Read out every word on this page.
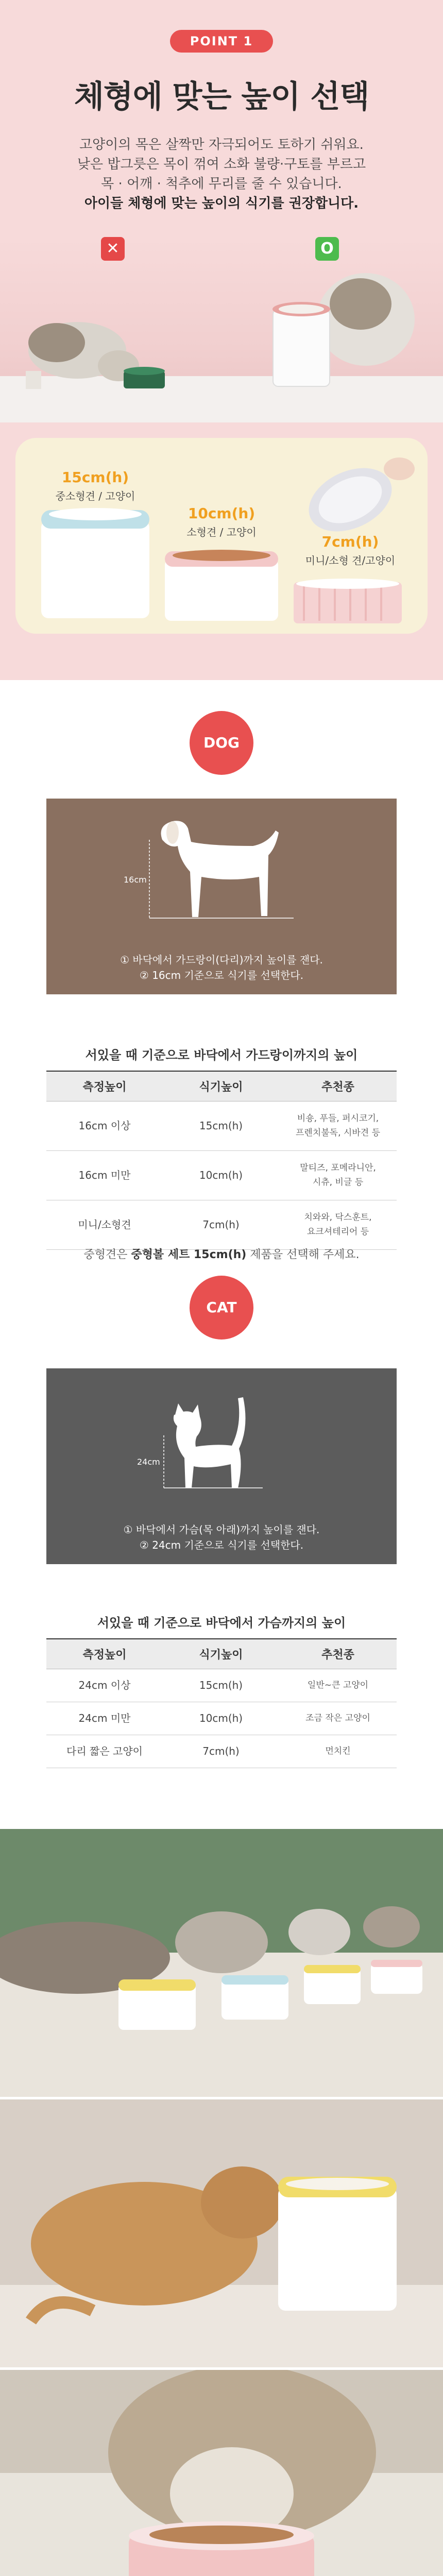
POINT 1
체형에 맞는 높이 선택

고양이의 목은 살짝만 자극되어도 토하기 쉬워요.
낮은 밥그릇은 목이 꺾여 소화 불량·구토를 부르고
목 · 어깨 · 척추에 무리를 줄 수 있습니다.
아이들 체형에 맞는 높이의 식기를 권장합니다.

✕	O
15cm(h)
중소형견 / 고양이
10cm(h)
소형견 / 고양이
7cm(h)
미니/소형 견/고양이
DOG
16cm
① 바닥에서 가드랑이(다리)까지 높이를 잰다.
② 16cm 기준으로 식기를 선택한다.
서있을 때 기준으로 바닥에서 가드랑이까지의 높이
측정높이	식기높이	추천종
16cm 이상	15cm(h)	비숑, 푸들, 퍼시코기,
프렌치불독, 시바견 등

16cm 미만	10cm(h)	말티즈, 포메라니안,
시츄, 비글 등

미니/소형견	7cm(h)	치와와, 닥스훈트,
요크셔테리어 등

중형견은 중형볼 세트 15cm(h) 제품을 선택해 주세요.

CAT
24cm
① 바닥에서 가슴(목 아래)까지 높이를 잰다.
② 24cm 기준으로 식기를 선택한다.
서있을 때 기준으로 바닥에서 가슴까지의 높이
측정높이	식기높이	추천종
24cm 이상	15cm(h)	일반~큰 고양이
24cm 미만	10cm(h)	조금 작은 고양이
다리 짧은 고양이	7cm(h)	먼치킨
